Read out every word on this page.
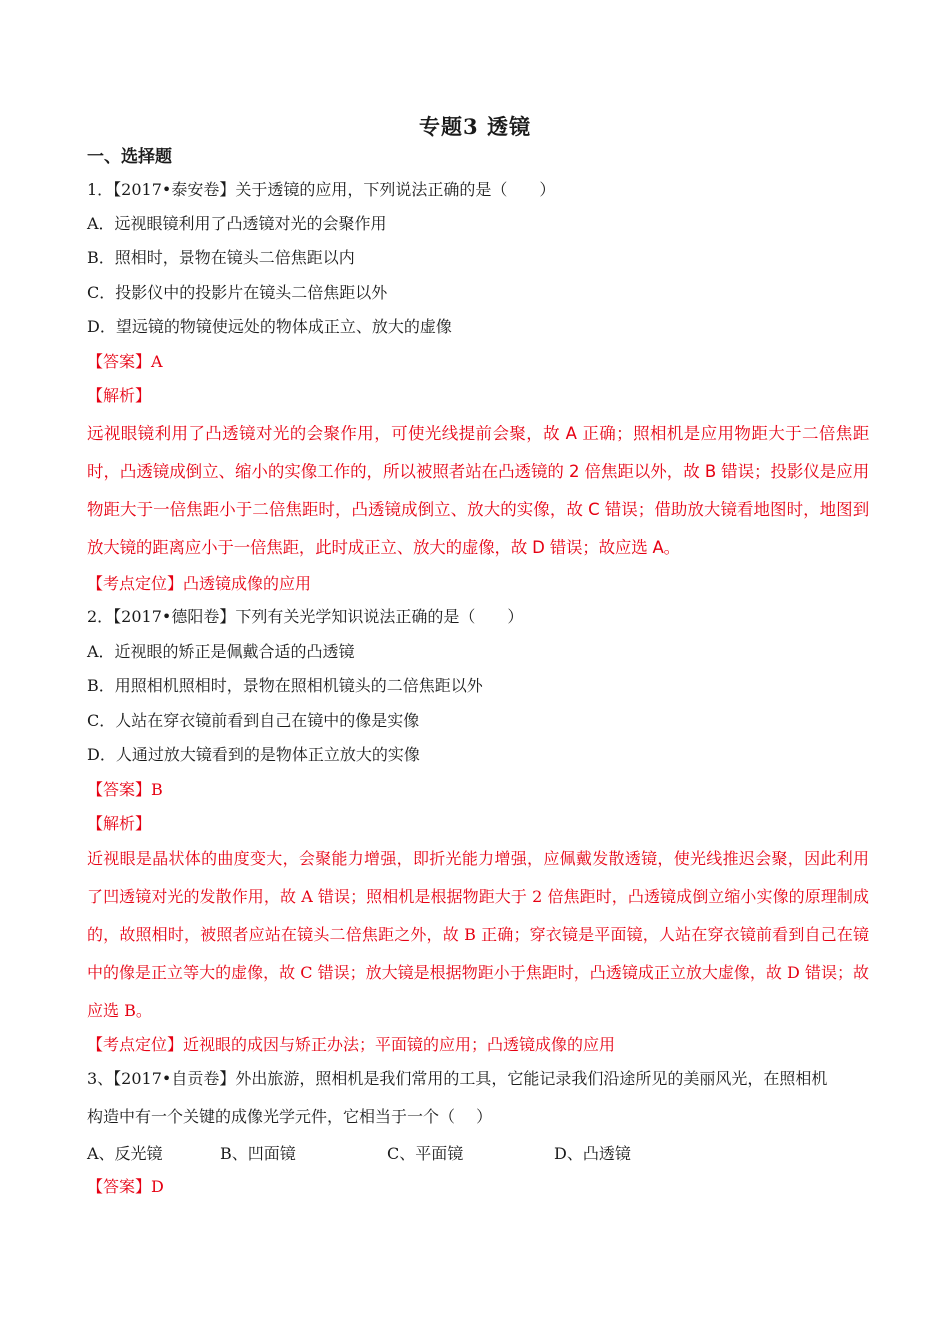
专题3 透镜
一、选择题
1．【2017•泰安卷】关于透镜的应用，下列说法正确的是（　　）
A．远视眼镜利用了凸透镜对光的会聚作用
B．照相时，景物在镜头二倍焦距以内
C．投影仪中的投影片在镜头二倍焦距以外
D．望远镜的物镜使远处的物体成正立、放大的虚像
【答案】A
【解析】
远视眼镜利用了凸透镜对光的会聚作用，可使光线提前会聚，故 A 正确；照相机是应用物距大于二倍焦距时，凸透镜成倒立、缩小的实像工作的，所以被照者站在凸透镜的 2 倍焦距以外，故 B 错误；投影仪是应用物距大于一倍焦距小于二倍焦距时，凸透镜成倒立、放大的实像，故 C 错误；借助放大镜看地图时，地图到放大镜的距离应小于一倍焦距，此时成正立、放大的虚像，故 D 错误；故应选 A。
【考点定位】凸透镜成像的应用
2．【2017•德阳卷】下列有关光学知识说法正确的是（　　）
A．近视眼的矫正是佩戴合适的凸透镜
B．用照相机照相时，景物在照相机镜头的二倍焦距以外
C．人站在穿衣镜前看到自己在镜中的像是实像
D．人通过放大镜看到的是物体正立放大的实像
【答案】B
【解析】
近视眼是晶状体的曲度变大，会聚能力增强，即折光能力增强，应佩戴发散透镜，使光线推迟会聚，因此利用了凹透镜对光的发散作用，故 A 错误；照相机是根据物距大于 2 倍焦距时，凸透镜成倒立缩小实像的原理制成的，故照相时，被照者应站在镜头二倍焦距之外，故 B 正确；穿衣镜是平面镜，人站在穿衣镜前看到自己在镜中的像是正立等大的虚像，故 C 错误；放大镜是根据物距小于焦距时，凸透镜成正立放大虚像，故 D 错误；故应选 B。
【考点定位】近视眼的成因与矫正办法；平面镜的应用；凸透镜成像的应用
3、【2017•自贡卷】外出旅游，照相机是我们常用的工具，它能记录我们沿途所见的美丽风光，在照相机
构造中有一个关键的成像光学元件，它相当于一个（　 ）
A、反光镜	B、凹面镜	C、平面镜	D、凸透镜
【答案】D
